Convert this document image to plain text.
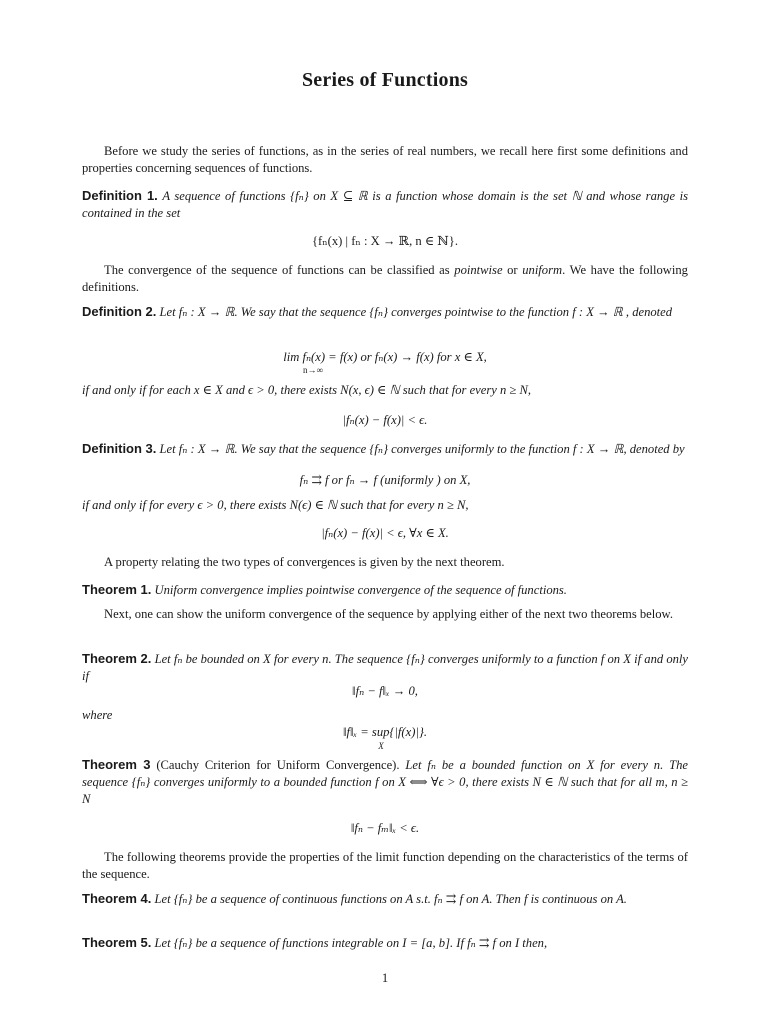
Series of Functions

Before we study the series of functions, as in the series of real numbers, we recall here first some definitions and properties concerning sequences of functions.

Definition 1. A sequence of functions {fₙ} on X ⊆ ℝ is a function whose domain is the set ℕ and whose range is contained in the set

{fₙ(x) | fₙ : X → ℝ, n ∈ ℕ}.

The convergence of the sequence of functions can be classified as pointwise or uniform. We have the following definitions.

Definition 2. Let fₙ : X → ℝ. We say that the sequence {fₙ} converges pointwise to the function f : X → ℝ , denoted

lim fₙ(x) = f(x) or fₙ(x) → f(x) for x ∈ X,
n→∞
if and only if for each x ∈ X and ϵ > 0, there exists N(x, ϵ) ∈ ℕ such that for every n ≥ N,
|fₙ(x) − f(x)| < ϵ.

Definition 3. Let fₙ : X → ℝ. We say that the sequence {fₙ} converges uniformly to the function f : X → ℝ, denoted by

fₙ ⇉ f or fₙ → f (uniformly ) on X,
if and only if for every ϵ > 0, there exists N(ϵ) ∈ ℕ such that for every n ≥ N,
|fₙ(x) − f(x)| < ϵ, ∀x ∈ X.

A property relating the two types of convergences is given by the next theorem.

Theorem 1. Uniform convergence implies pointwise convergence of the sequence of functions.

Next, one can show the uniform convergence of the sequence by applying either of the next two theorems below.

Theorem 2. Let fₙ be bounded on X for every n. The sequence {fₙ} converges uniformly to a function f on X if and only if

‖fₙ − f‖ₓ → 0,
where
‖f‖ₓ = sup{|f(x)|}.
X

Theorem 3 (Cauchy Criterion for Uniform Convergence). Let fₙ be a bounded function on X for every n. The sequence {fₙ} converges uniformly to a bounded function f on X ⟺ ∀ϵ > 0, there exists N ∈ ℕ such that for all m, n ≥ N

‖fₙ − fₘ‖ₓ < ϵ.

The following theorems provide the properties of the limit function depending on the characteristics of the terms of the sequence.

Theorem 4. Let {fₙ} be a sequence of continuous functions on A s.t. fₙ ⇉ f on A. Then f is continuous on A.

Theorem 5. Let {fₙ} be a sequence of functions integrable on I = [a, b]. If fₙ ⇉ f on I then,

1
